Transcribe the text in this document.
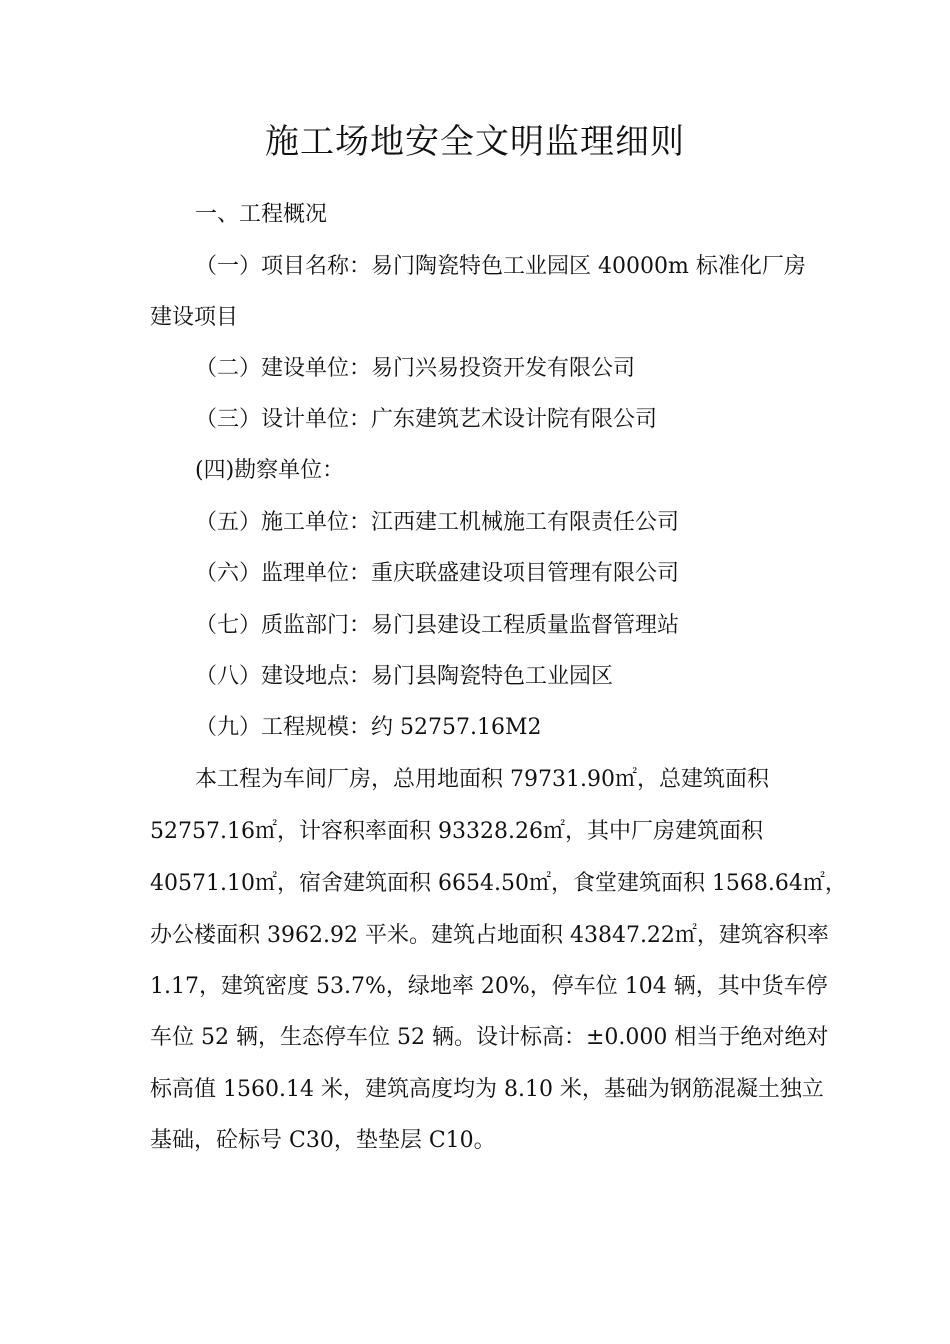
施工场地安全文明监理细则
一、工程概况
（一）项目名称：易门陶瓷特色工业园区 40000m 标准化厂房
建设项目
（二）建设单位：易门兴易投资开发有限公司
（三）设计单位：广东建筑艺术设计院有限公司
(四)勘察单位：
（五）施工单位：江西建工机械施工有限责任公司
（六）监理单位：重庆联盛建设项目管理有限公司
（七）质监部门：易门县建设工程质量监督管理站
（八）建设地点：易门县陶瓷特色工业园区
（九）工程规模：约 52757.16M2
本工程为车间厂房，总用地面积 79731.90㎡，总建筑面积
52757.16㎡，计容积率面积 93328.26㎡，其中厂房建筑面积
40571.10㎡，宿舍建筑面积 6654.50㎡，食堂建筑面积 1568.64㎡，
办公楼面积 3962.92 平米。建筑占地面积 43847.22㎡，建筑容积率
1.17，建筑密度 53.7%，绿地率 20%，停车位 104 辆，其中货车停
车位 52 辆，生态停车位 52 辆。设计标高：±0.000 相当于绝对绝对
标高值 1560.14 米，建筑高度均为 8.10 米，基础为钢筋混凝土独立
基础，砼标号 C30，垫垫层 C10。
